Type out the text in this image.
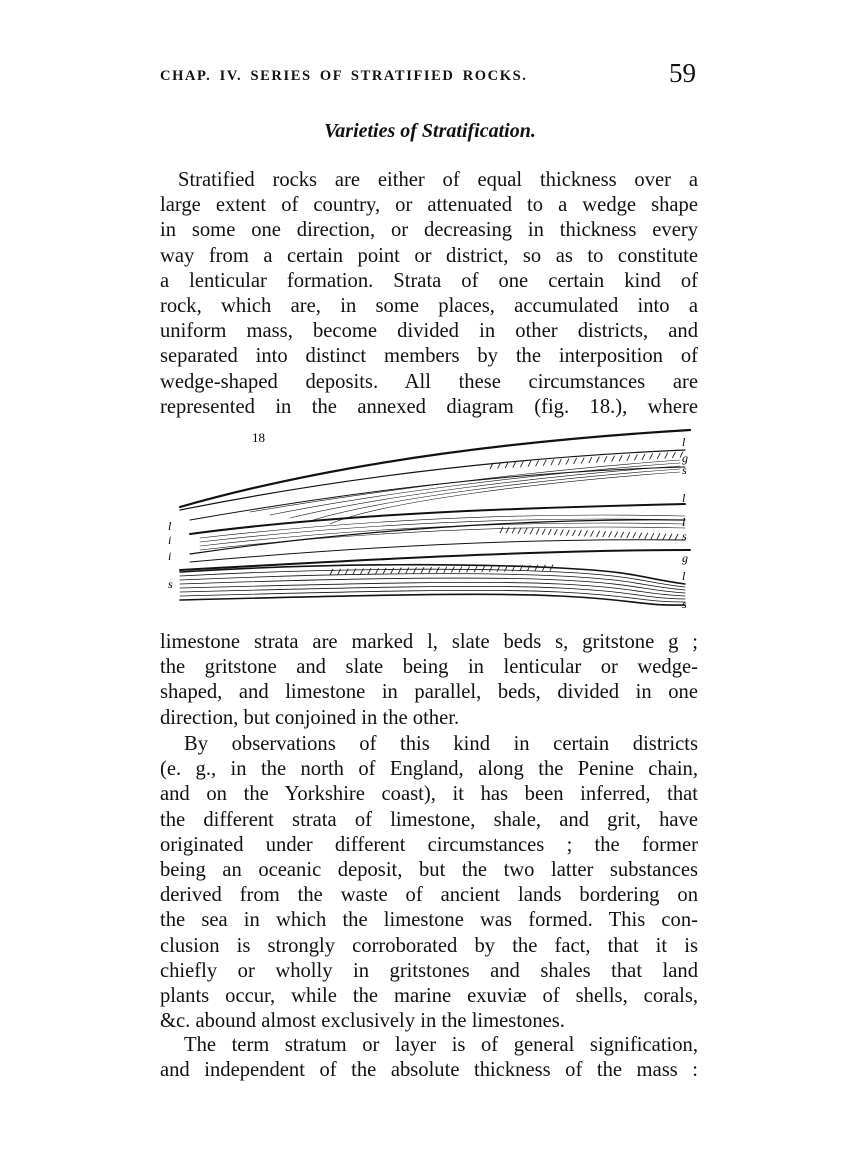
CHAP. IV. SERIES OF STRATIFIED ROCKS.	59
Varieties of Stratification.
Stratified rocks are either of equal thickness over a
large extent of country, or attenuated to a wedge shape
in some one direction, or decreasing in thickness every
way from a certain point or district, so as to constitute
a lenticular formation. Strata of one certain kind of
rock, which are, in some places, accumulated into a
uniform mass, become divided in other districts, and
separated into distinct members by the interposition of
wedge-shaped deposits. All these circumstances are
represented in the annexed diagram (fig. 18.), where
18
l
i
i
s
l
g
s
l
l
s
g
l
s
limestone strata are marked l, slate beds s, gritstone g ;
the gritstone and slate being in lenticular or wedge-
shaped, and limestone in parallel, beds, divided in one
direction, but conjoined in the other.
By observations of this kind in certain districts
(e. g., in the north of England, along the Penine chain,
and on the Yorkshire coast), it has been inferred, that
the different strata of limestone, shale, and grit, have
originated under different circumstances ; the former
being an oceanic deposit, but the two latter substances
derived from the waste of ancient lands bordering on
the sea in which the limestone was formed. This con-
clusion is strongly corroborated by the fact, that it is
chiefly or wholly in gritstones and shales that land
plants occur, while the marine exuviæ of shells, corals,
&c. abound almost exclusively in the limestones.
The term stratum or layer is of general signification,
and independent of the absolute thickness of the mass :
